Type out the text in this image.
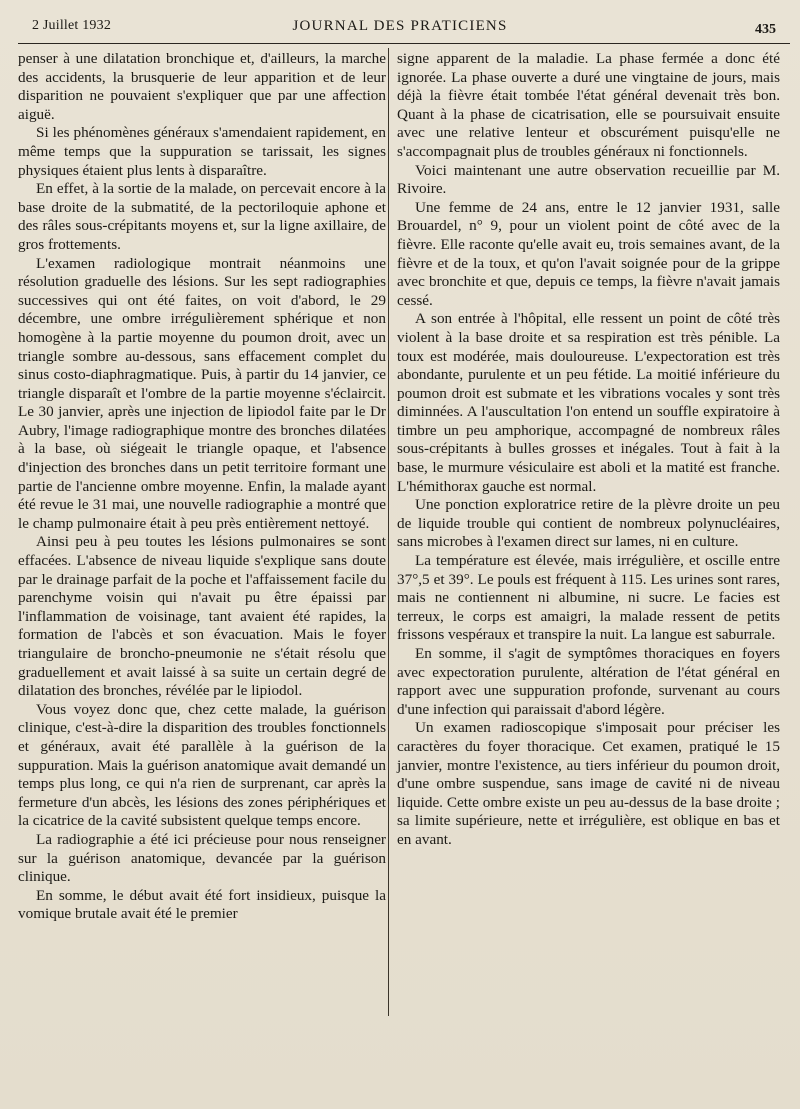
2 Juillet 1932	JOURNAL DES PRATICIENS	435

penser à une dilatation bronchique et, d'ailleurs, la marche des accidents, la brusquerie de leur apparition et de leur disparition ne pouvaient s'expliquer que par une affection aiguë.

Si les phénomènes généraux s'amendaient rapidement, en même temps que la suppuration se tarissait, les signes physiques étaient plus lents à disparaître.

En effet, à la sortie de la malade, on percevait encore à la base droite de la submatité, de la pectoriloquie aphone et des râles sous-crépitants moyens et, sur la ligne axillaire, de gros frottements.

L'examen radiologique montrait néanmoins une résolution graduelle des lésions. Sur les sept radiographies successives qui ont été faites, on voit d'abord, le 29 décembre, une ombre irrégulièrement sphérique et non homogène à la partie moyenne du poumon droit, avec un triangle sombre au-dessous, sans effacement complet du sinus costo-diaphragmatique. Puis, à partir du 14 janvier, ce triangle disparaît et l'ombre de la partie moyenne s'éclaircit. Le 30 janvier, après une injection de lipiodol faite par le Dr Aubry, l'image radiographique montre des bronches dilatées à la base, où siégeait le triangle opaque, et l'absence d'injection des bronches dans un petit territoire formant une partie de l'ancienne ombre moyenne. Enfin, la malade ayant été revue le 31 mai, une nouvelle radiographie a montré que le champ pulmonaire était à peu près entièrement nettoyé.

Ainsi peu à peu toutes les lésions pulmonaires se sont effacées. L'absence de niveau liquide s'explique sans doute par le drainage parfait de la poche et l'affaissement facile du parenchyme voisin qui n'avait pu être épaissi par l'inflammation de voisinage, tant avaient été rapides, la formation de l'abcès et son évacuation. Mais le foyer triangulaire de broncho-pneumonie ne s'était résolu que graduellement et avait laissé à sa suite un certain degré de dilatation des bronches, révélée par le lipiodol.

Vous voyez donc que, chez cette malade, la guérison clinique, c'est-à-dire la disparition des troubles fonctionnels et généraux, avait été parallèle à la guérison de la suppuration. Mais la guérison anatomique avait demandé un temps plus long, ce qui n'a rien de surprenant, car après la fermeture d'un abcès, les lésions des zones périphériques et la cicatrice de la cavité subsistent quelque temps encore.

La radiographie a été ici précieuse pour nous renseigner sur la guérison anatomique, devancée par la guérison clinique.

En somme, le début avait été fort insidieux, puisque la vomique brutale avait été le premier

signe apparent de la maladie. La phase fermée a donc été ignorée. La phase ouverte a duré une vingtaine de jours, mais déjà la fièvre était tombée l'état général devenait très bon. Quant à la phase de cicatrisation, elle se poursuivait ensuite avec une relative lenteur et obscurément puisqu'elle ne s'accompagnait plus de troubles généraux ni fonctionnels.

Voici maintenant une autre observation recueillie par M. Rivoire.

Une femme de 24 ans, entre le 12 janvier 1931, salle Brouardel, n° 9, pour un violent point de côté avec de la fièvre. Elle raconte qu'elle avait eu, trois semaines avant, de la fièvre et de la toux, et qu'on l'avait soignée pour de la grippe avec bronchite et que, depuis ce temps, la fièvre n'avait jamais cessé.

A son entrée à l'hôpital, elle ressent un point de côté très violent à la base droite et sa respiration est très pénible. La toux est modérée, mais douloureuse. L'expectoration est très abondante, purulente et un peu fétide. La moitié inférieure du poumon droit est submate et les vibrations vocales y sont très diminnées. A l'auscultation l'on entend un souffle expiratoire à timbre un peu amphorique, accompagné de nombreux râles sous-crépitants à bulles grosses et inégales. Tout à fait à la base, le murmure vésiculaire est aboli et la matité est franche. L'hémithorax gauche est normal.

Une ponction exploratrice retire de la plèvre droite un peu de liquide trouble qui contient de nombreux polynucléaires, sans microbes à l'examen direct sur lames, ni en culture.

La température est élevée, mais irrégulière, et oscille entre 37°,5 et 39°. Le pouls est fréquent à 115. Les urines sont rares, mais ne contiennent ni albumine, ni sucre. Le facies est terreux, le corps est amaigri, la malade ressent de petits frissons vespéraux et transpire la nuit. La langue est saburrale.

En somme, il s'agit de symptômes thoraciques en foyers avec expectoration purulente, altération de l'état général en rapport avec une suppuration profonde, survenant au cours d'une infection qui paraissait d'abord légère.

Un examen radioscopique s'imposait pour préciser les caractères du foyer thoracique. Cet examen, pratiqué le 15 janvier, montre l'existence, au tiers inférieur du poumon droit, d'une ombre suspendue, sans image de cavité ni de niveau liquide. Cette ombre existe un peu au-dessus de la base droite ; sa limite supérieure, nette et irrégulière, est oblique en bas et en avant.
